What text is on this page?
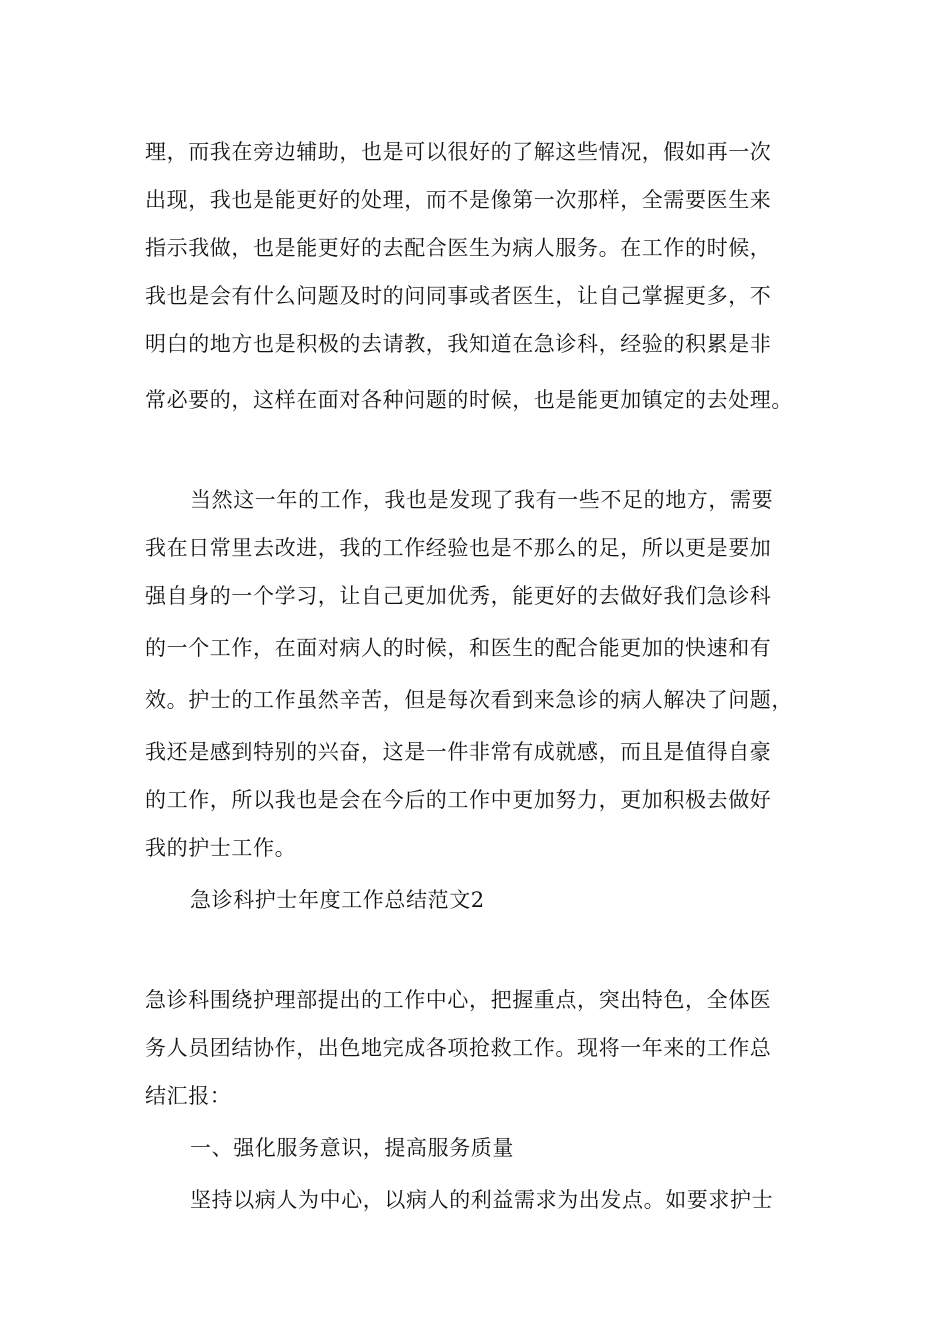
理，而我在旁边辅助，也是可以很好的了解这些情况，假如再一次
出现，我也是能更好的处理，而不是像第一次那样，全需要医生来
指示我做，也是能更好的去配合医生为病人服务。在工作的时候，
我也是会有什么问题及时的问同事或者医生，让自己掌握更多，不
明白的地方也是积极的去请教，我知道在急诊科，经验的积累是非
常必要的，这样在面对各种问题的时候，也是能更加镇定的去处理。
当然这一年的工作，我也是发现了我有一些不足的地方，需要
我在日常里去改进，我的工作经验也是不那么的足，所以更是要加
强自身的一个学习，让自己更加优秀，能更好的去做好我们急诊科
的一个工作，在面对病人的时候，和医生的配合能更加的快速和有
效。护士的工作虽然辛苦，但是每次看到来急诊的病人解决了问题，
我还是感到特别的兴奋，这是一件非常有成就感，而且是值得自豪
的工作，所以我也是会在今后的工作中更加努力，更加积极去做好
我的护士工作。
急诊科护士年度工作总结范文2
急诊科围绕护理部提出的工作中心，把握重点，突出特色，全体医
务人员团结协作，出色地完成各项抢救工作。现将一年来的工作总
结汇报：
一、强化服务意识，提高服务质量
坚持以病人为中心，以病人的利益需求为出发点。如要求护士
